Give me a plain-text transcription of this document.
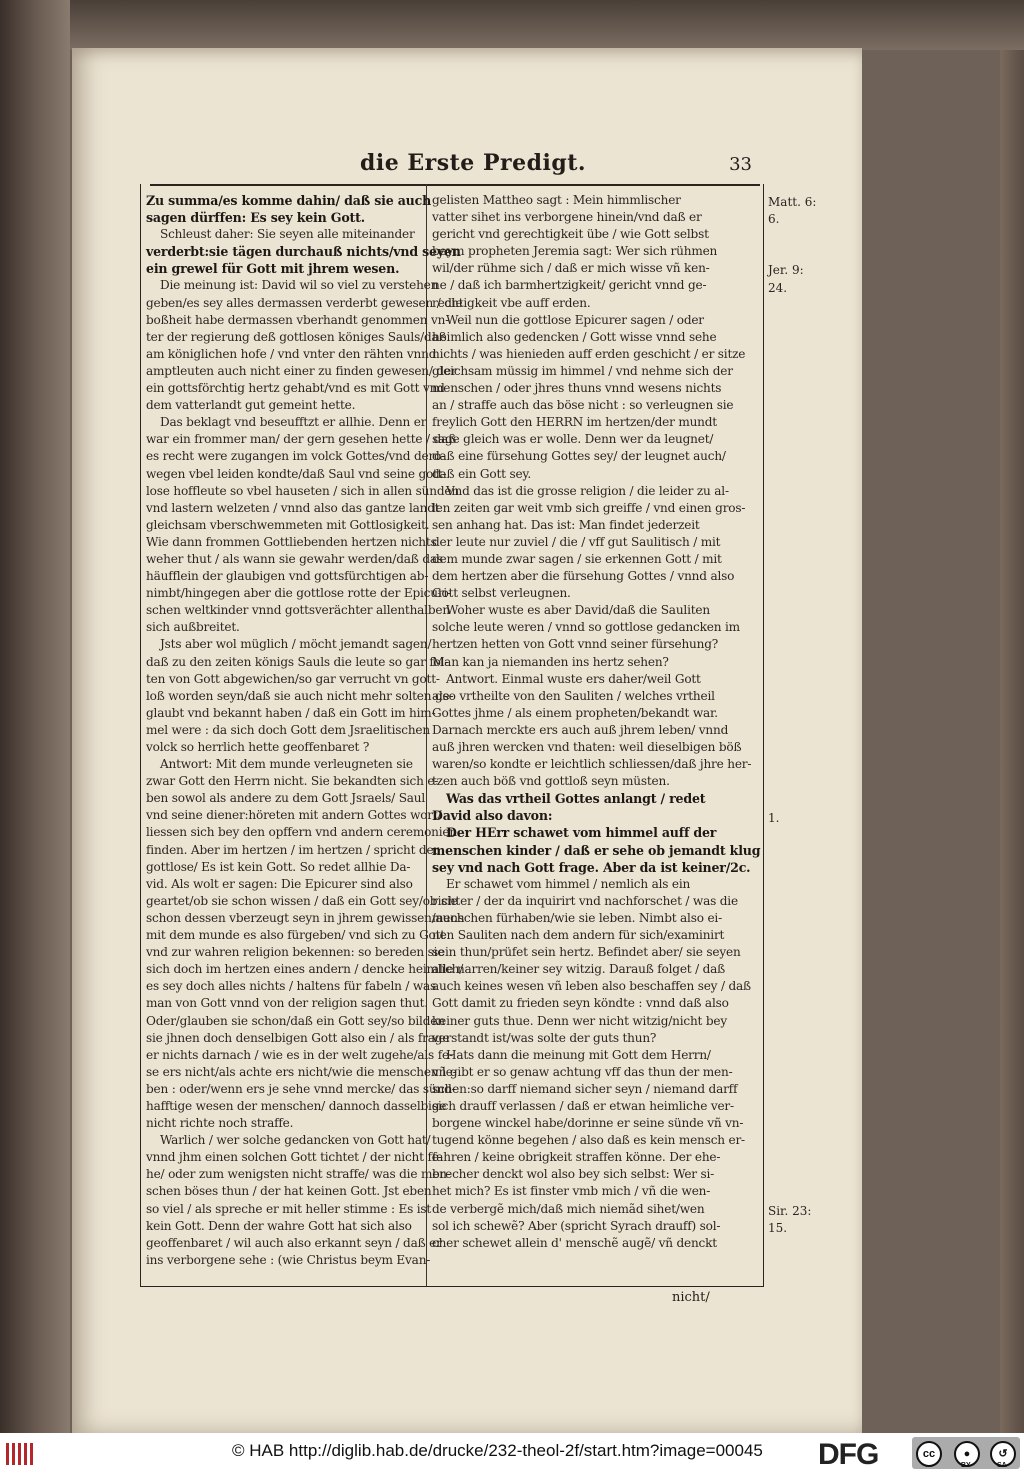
die Erste Predigt.	33
Zu summa/es komme dahin/ daß sie auch
sagen dürffen: Es sey kein Gott.
Schleust daher: Sie seyen alle miteinander
verderbt:sie tägen durchauß nichts/vnd seyen
ein grewel für Gott mit jhrem wesen.
Die meinung ist: David wil so viel zu verstehen
geben/es sey alles dermassen verderbt gewesen / die
boßheit habe dermassen vberhandt genommen vn-
ter der regierung deß gottlosen königes Sauls/daß
am königlichen hofe / vnd vnter den rähten vnnd
amptleuten auch nicht einer zu finden gewesen/ der
ein gottsförchtig hertz gehabt/vnd es mit Gott vnd
dem vatterlandt gut gemeint hette.
Das beklagt vnd beseufftzt er allhie. Denn er
war ein frommer man/ der gern gesehen hette / daß
es recht were zugangen im volck Gottes/vnd dero-
wegen vbel leiden kondte/daß Saul vnd seine gott-
lose hoffleute so vbel hauseten / sich in allen sünden
vnd lastern welzeten / vnnd also das gantze landt
gleichsam vberschwemmeten mit Gottlosigkeit.
Wie dann frommen Gottliebenden hertzen nichts
weher thut / als wann sie gewahr werden/daß das
häufflein der glaubigen vnd gottsfürchtigen ab-
nimbt/hingegen aber die gottlose rotte der Epicuri-
schen weltkinder vnnd gottsverächter allenthalben
sich außbreitet.
Jsts aber wol müglich / möcht jemandt sagen/
daß zu den zeiten königs Sauls die leute so gar fol-
ten von Gott abgewichen/so gar verrucht vn gott-
loß worden seyn/daß sie auch nicht mehr solten ge-
glaubt vnd bekannt haben / daß ein Gott im him-
mel were : da sich doch Gott dem Jsraelitischen
volck so herrlich hette geoffenbaret ?
Antwort: Mit dem munde verleugneten sie
zwar Gott den Herrn nicht. Sie bekandten sich e-
ben sowol als andere zu dem Gott Jsraels/ Saul
vnd seine diener:höreten mit andern Gottes wort/
liessen sich bey den opffern vnd andern ceremonien
finden. Aber im hertzen / im hertzen / spricht der
gottlose/ Es ist kein Gott. So redet allhie Da-
vid. Als wolt er sagen: Die Epicurer sind also
geartet/ob sie schon wissen / daß ein Gott sey/ob sie
schon dessen vberzeugt seyn in jhrem gewissen/auch
mit dem munde es also fürgeben/ vnd sich zu Gott
vnd zur wahren religion bekennen: so bereden sie
sich doch im hertzen eines andern / dencke heimlich/
es sey doch alles nichts / haltens für fabeln / was
man von Gott vnnd von der religion sagen thut.
Oder/glauben sie schon/daß ein Gott sey/so bilden
sie jhnen doch denselbigen Gott also ein / als frage
er nichts darnach / wie es in der welt zugehe/als fe-
se ers nicht/als achte ers nicht/wie die menschen le-
ben : oder/wenn ers je sehe vnnd mercke/ das sünd-
hafftige wesen der menschen/ dannoch dasselbige
nicht richte noch straffe.
Warlich / wer solche gedancken von Gott hat/
vnnd jhm einen solchen Gott tichtet / der nicht fe-
he/ oder zum wenigsten nicht straffe/ was die men-
schen böses thun / der hat keinen Gott. Jst eben
so viel / als spreche er mit heller stimme : Es ist
kein Gott. Denn der wahre Gott hat sich also
geoffenbaret / wil auch also erkannt seyn / daß er
ins verborgene sehe : (wie Christus beym Evan-
gelisten Mattheo sagt : Mein himmlischer
vatter sihet ins verborgene hinein/vnd daß er
gericht vnd gerechtigkeit übe / wie Gott selbst
beym propheten Jeremia sagt: Wer sich rühmen
wil/der rühme sich / daß er mich wisse vñ ken-
ne / daß ich barmhertzigkeit/ gericht vnnd ge-
rechtigkeit vbe auff erden.
Weil nun die gottlose Epicurer sagen / oder
heimlich also gedencken / Gott wisse vnnd sehe
nichts / was hienieden auff erden geschicht / er sitze
gleichsam müssig im himmel / vnd nehme sich der
menschen / oder jhres thuns vnnd wesens nichts
an / straffe auch das böse nicht : so verleugnen sie
freylich Gott den HERRN im hertzen/der mundt
sage gleich was er wolle. Denn wer da leugnet/
daß eine fürsehung Gottes sey/ der leugnet auch/
daß ein Gott sey.
Vnd das ist die grosse religion / die leider zu al-
len zeiten gar weit vmb sich greiffe / vnd einen gros-
sen anhang hat. Das ist: Man findet jederzeit
der leute nur zuviel / die / vff gut Saulitisch / mit
dem munde zwar sagen / sie erkennen Gott / mit
dem hertzen aber die fürsehung Gottes / vnnd also
Gott selbst verleugnen.
Woher wuste es aber David/daß die Sauliten
solche leute weren / vnnd so gottlose gedancken im
hertzen hetten von Gott vnnd seiner fürsehung?
Man kan ja niemanden ins hertz sehen?
Antwort. Einmal wuste ers daher/weil Gott
also vrtheilte von den Sauliten / welches vrtheil
Gottes jhme / als einem propheten/bekandt war.
Darnach merckte ers auch auß jhrem leben/ vnnd
auß jhren wercken vnd thaten: weil dieselbigen böß
waren/so kondte er leichtlich schliessen/daß jhre her-
tzen auch böß vnd gottloß seyn müsten.
Was das vrtheil Gottes anlangt / redet
David also davon:
Der HErr schawet vom himmel auff der
menschen kinder / daß er sehe ob jemandt klug
sey vnd nach Gott frage. Aber da ist keiner/2c.
Er schawet vom himmel / nemlich als ein
richter / der da inquirirt vnd nachforschet / was die
menschen fürhaben/wie sie leben. Nimbt also ei-
nen Sauliten nach dem andern für sich/examinirt
sein thun/prüfet sein hertz. Befindet aber/ sie seyen
alle narren/keiner sey witzig. Darauß folget / daß
auch keines wesen vñ leben also beschaffen sey / daß
Gott damit zu frieden seyn köndte : vnnd daß also
keiner guts thue. Denn wer nicht witzig/nicht bey
verstandt ist/was solte der guts thun?
Hats dann die meinung mit Gott dem Herrn/
vñ gibt er so genaw achtung vff das thun der men-
schen:so darff niemand sicher seyn / niemand darff
sich drauff verlassen / daß er etwan heimliche ver-
borgene winckel habe/dorinne er seine sünde vñ vn-
tugend könne begehen / also daß es kein mensch er-
fahren / keine obrigkeit straffen könne. Der ehe-
brecher denckt wol also bey sich selbst: Wer si-
het mich? Es ist finster vmb mich / vñ die wen-
de verbergẽ mich/daß mich niemãd sihet/wen
sol ich schewẽ? Aber (spricht Syrach drauff) sol-
cher schewet allein d' menschẽ augẽ/ vñ denckt
Matt. 6:
6.
Jer. 9:
24.
1.
Sir. 23:
15.
nicht/
© HAB http://diglib.hab.de/drucke/232-theol-2f/start.htm?image=00045 DFG	cc	●	↺
BY	SA
